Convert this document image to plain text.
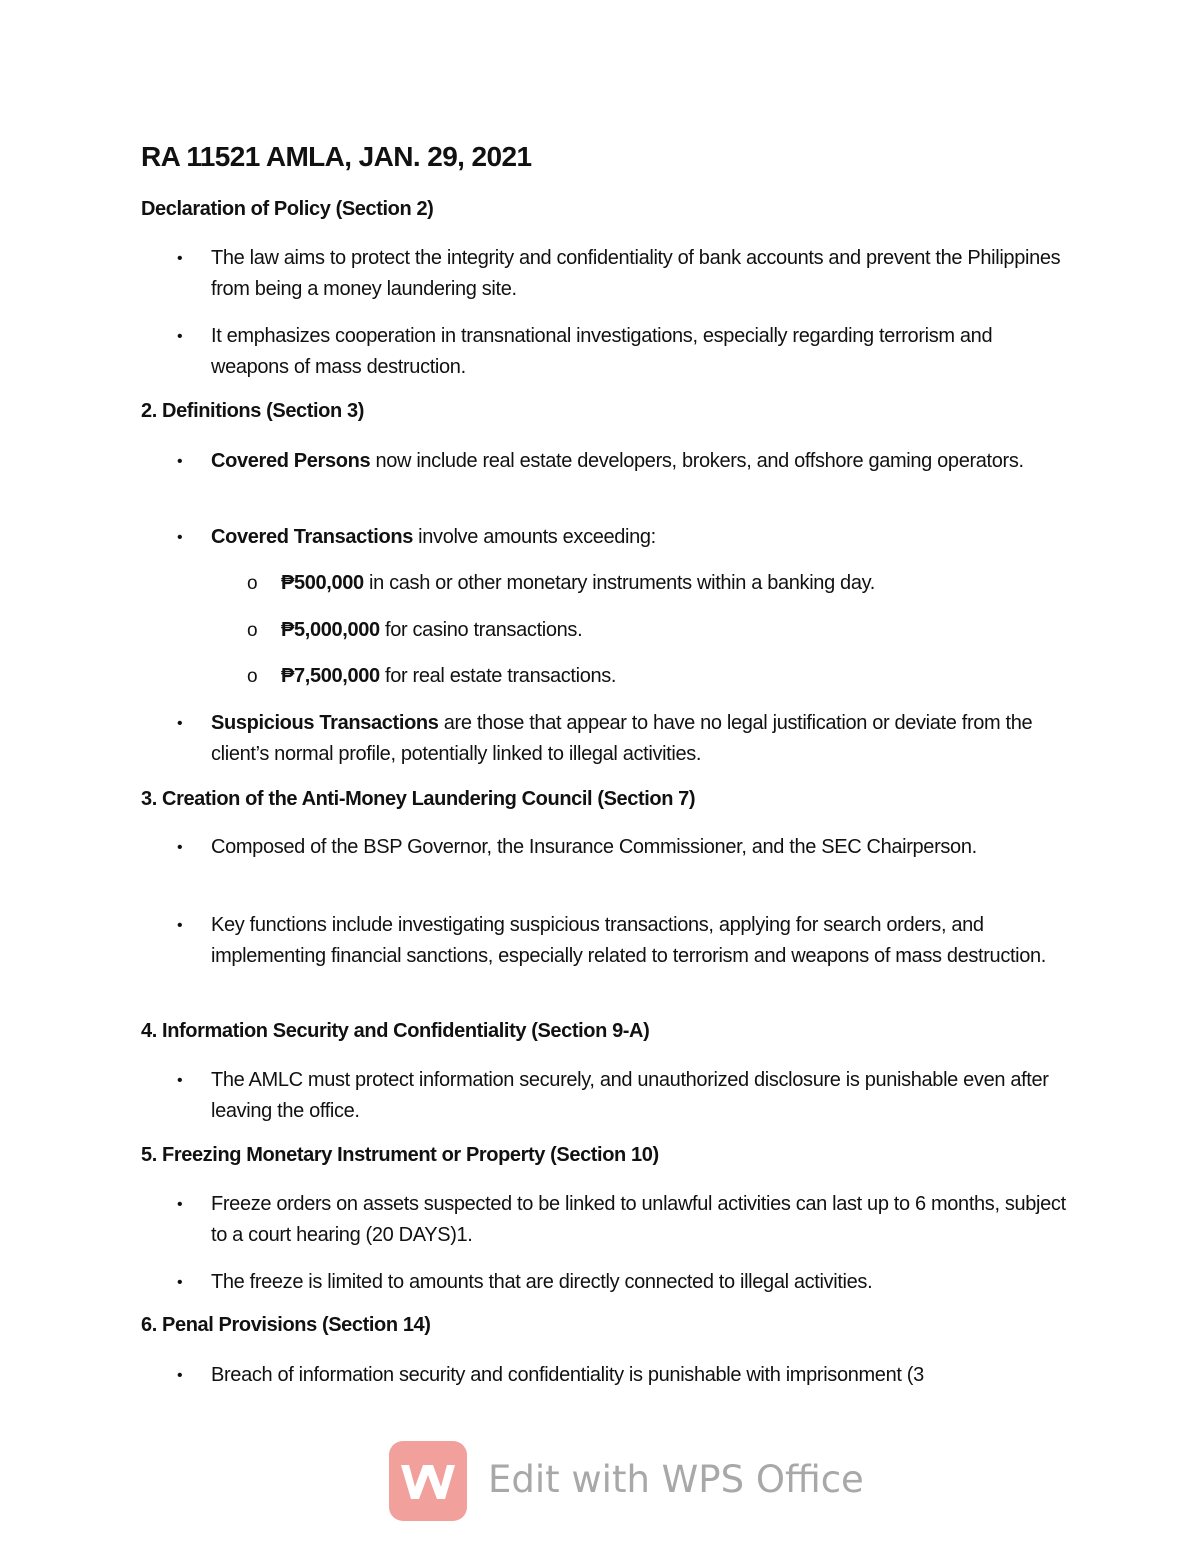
RA 11521 AMLA, JAN. 29, 2021
Declaration of Policy (Section 2)
• The law aims to protect the integrity and confidentiality of bank accounts and prevent the Philippines from being a money laundering site.
• It emphasizes cooperation in transnational investigations, especially regarding terrorism and weapons of mass destruction.
2. Definitions (Section 3)
• Covered Persons now include real estate developers, brokers, and offshore gaming operators.
• Covered Transactions involve amounts exceeding:
o ₱500,000 in cash or other monetary instruments within a banking day.
o ₱5,000,000 for casino transactions.
o ₱7,500,000 for real estate transactions.
• Suspicious Transactions are those that appear to have no legal justification or deviate from the client’s normal profile, potentially linked to illegal activities.
3. Creation of the Anti-Money Laundering Council (Section 7)
• Composed of the BSP Governor, the Insurance Commissioner, and the SEC Chairperson.
• Key functions include investigating suspicious transactions, applying for search orders, and implementing financial sanctions, especially related to terrorism and weapons of mass destruction.
4. Information Security and Confidentiality (Section 9-A)
• The AMLC must protect information securely, and unauthorized disclosure is punishable even after leaving the office.
5. Freezing Monetary Instrument or Property (Section 10)
• Freeze orders on assets suspected to be linked to unlawful activities can last up to 6 months, subject to a court hearing (20 DAYS)1.
• The freeze is limited to amounts that are directly connected to illegal activities.
6. Penal Provisions (Section 14)
• Breach of information security and confidentiality is punishable with imprisonment (3
Edit with WPS Office
